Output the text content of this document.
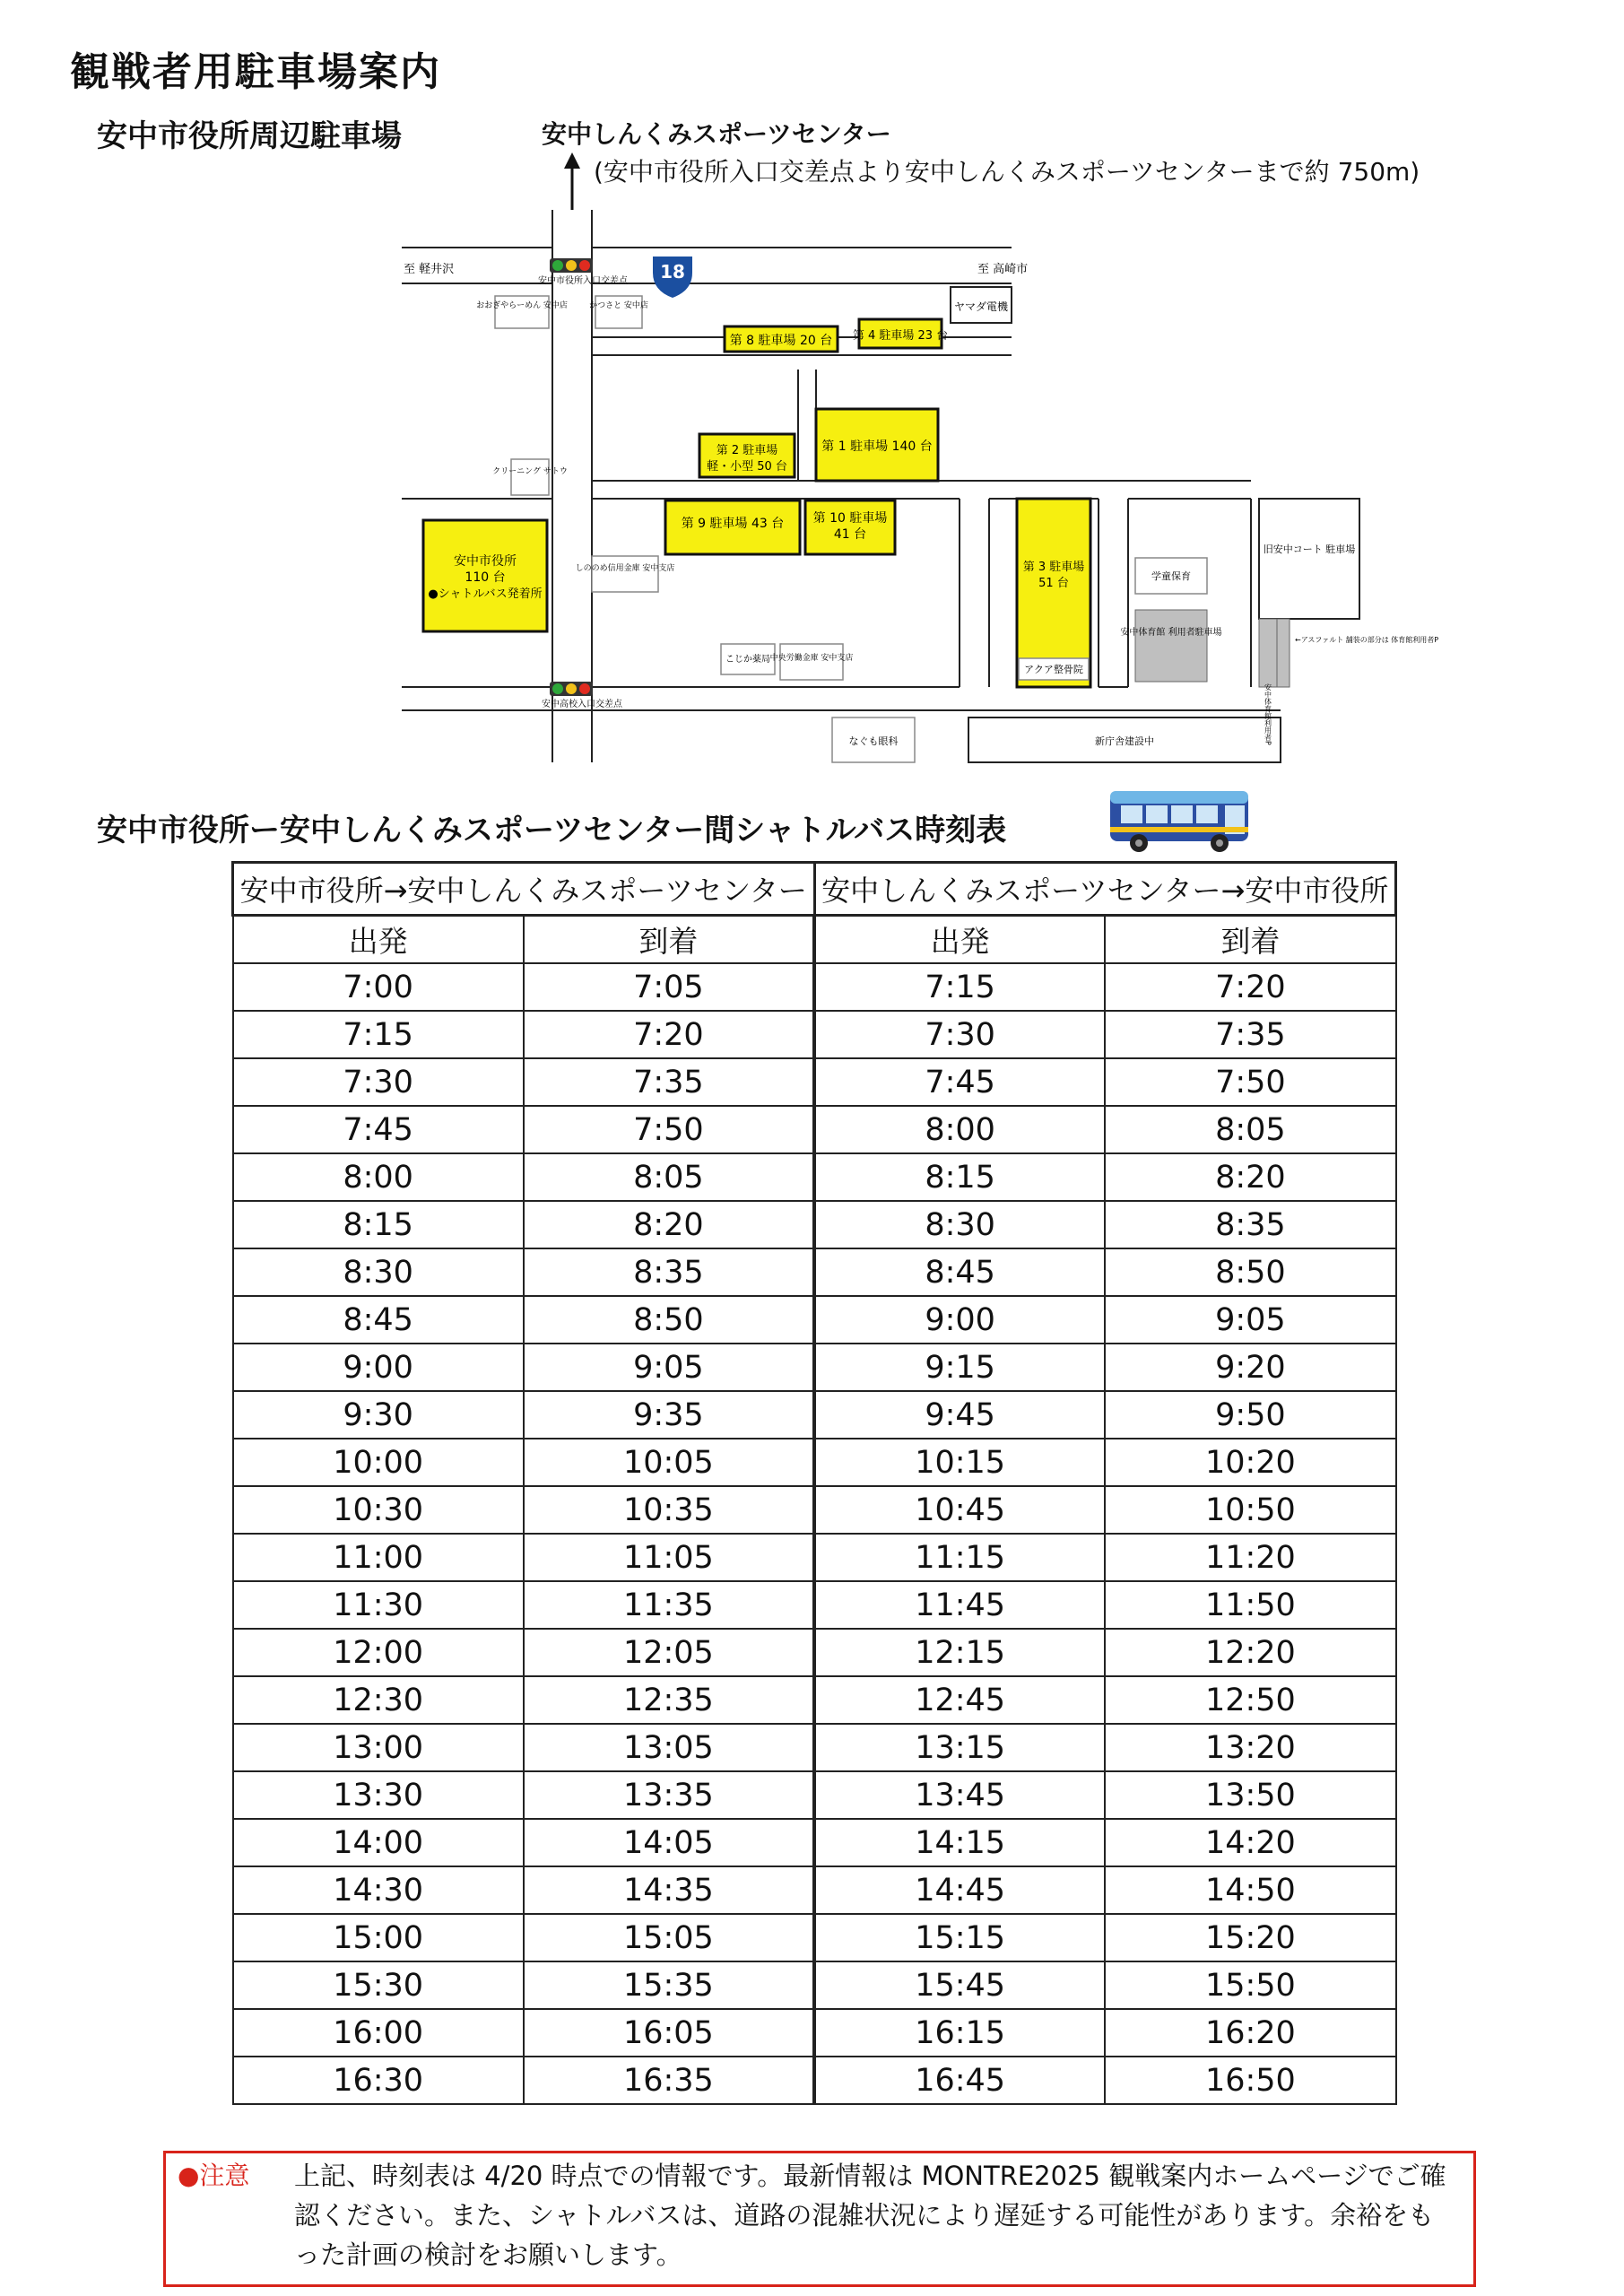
観戦者用駐車場案内
安中市役所周辺駐車場	安中しんくみスポーツセンター
(安中市役所入口交差点より安中しんくみスポーツセンターまで約 750m)
ヤマダ電機
安中市役所入口交差点
安中高校入口交差点
18
至 軽井沢	至 高崎市
第 8 駐車場 20 台 第 4 駐車場 23 台
第 2 駐車場
軽・小型 50 台
第 1 駐車場 140 台
第 9 駐車場 43 台 第 10 駐車場
41 台
第 3 駐車場
51 台
安中市役所
110 台
●シャトルバス発着所
おおぎやらーめん 安中店	かつさと 安中店
クリーニング サトウ
しののめ信用金庫 安中支店
こじか薬局 中央労働金庫 安中支店
アクア整骨院
学童保育
安中体育館 利用者駐車場
旧安中コート 駐車場
←アスファルト 舗装の部分は 体育館利用者P
安中体育館利用者P
なぐも眼科	新庁舎建設中
安中市役所ー安中しんくみスポーツセンター間シャトルバス時刻表
安中市役所→安中しんくみスポーツセンター		安中しんくみスポーツセンター→安中市役所	
出発	到着	出発	到着
7:00	7:05	7:15	7:20
7:15	7:20	7:30	7:35
7:30	7:35	7:45	7:50
7:45	7:50	8:00	8:05
8:00	8:05	8:15	8:20
8:15	8:20	8:30	8:35
8:30	8:35	8:45	8:50
8:45	8:50	9:00	9:05
9:00	9:05	9:15	9:20
9:30	9:35	9:45	9:50
10:00	10:05	10:15	10:20
10:30	10:35	10:45	10:50
11:00	11:05	11:15	11:20
11:30	11:35	11:45	11:50
12:00	12:05	12:15	12:20
12:30	12:35	12:45	12:50
13:00	13:05	13:15	13:20
13:30	13:35	13:45	13:50
14:00	14:05	14:15	14:20
14:30	14:35	14:45	14:50
15:00	15:05	15:15	15:20
15:30	15:35	15:45	15:50
16:00	16:05	16:15	16:20
16:30	16:35	16:45	16:50
●注意 上記、時刻表は 4/20 時点での情報です。最新情報は MONTRE2025 観戦案内ホームページでご確認ください。また、シャトルバスは、道路の混雑状況により遅延する可能性があります。余裕をもった計画の検討をお願いします。
